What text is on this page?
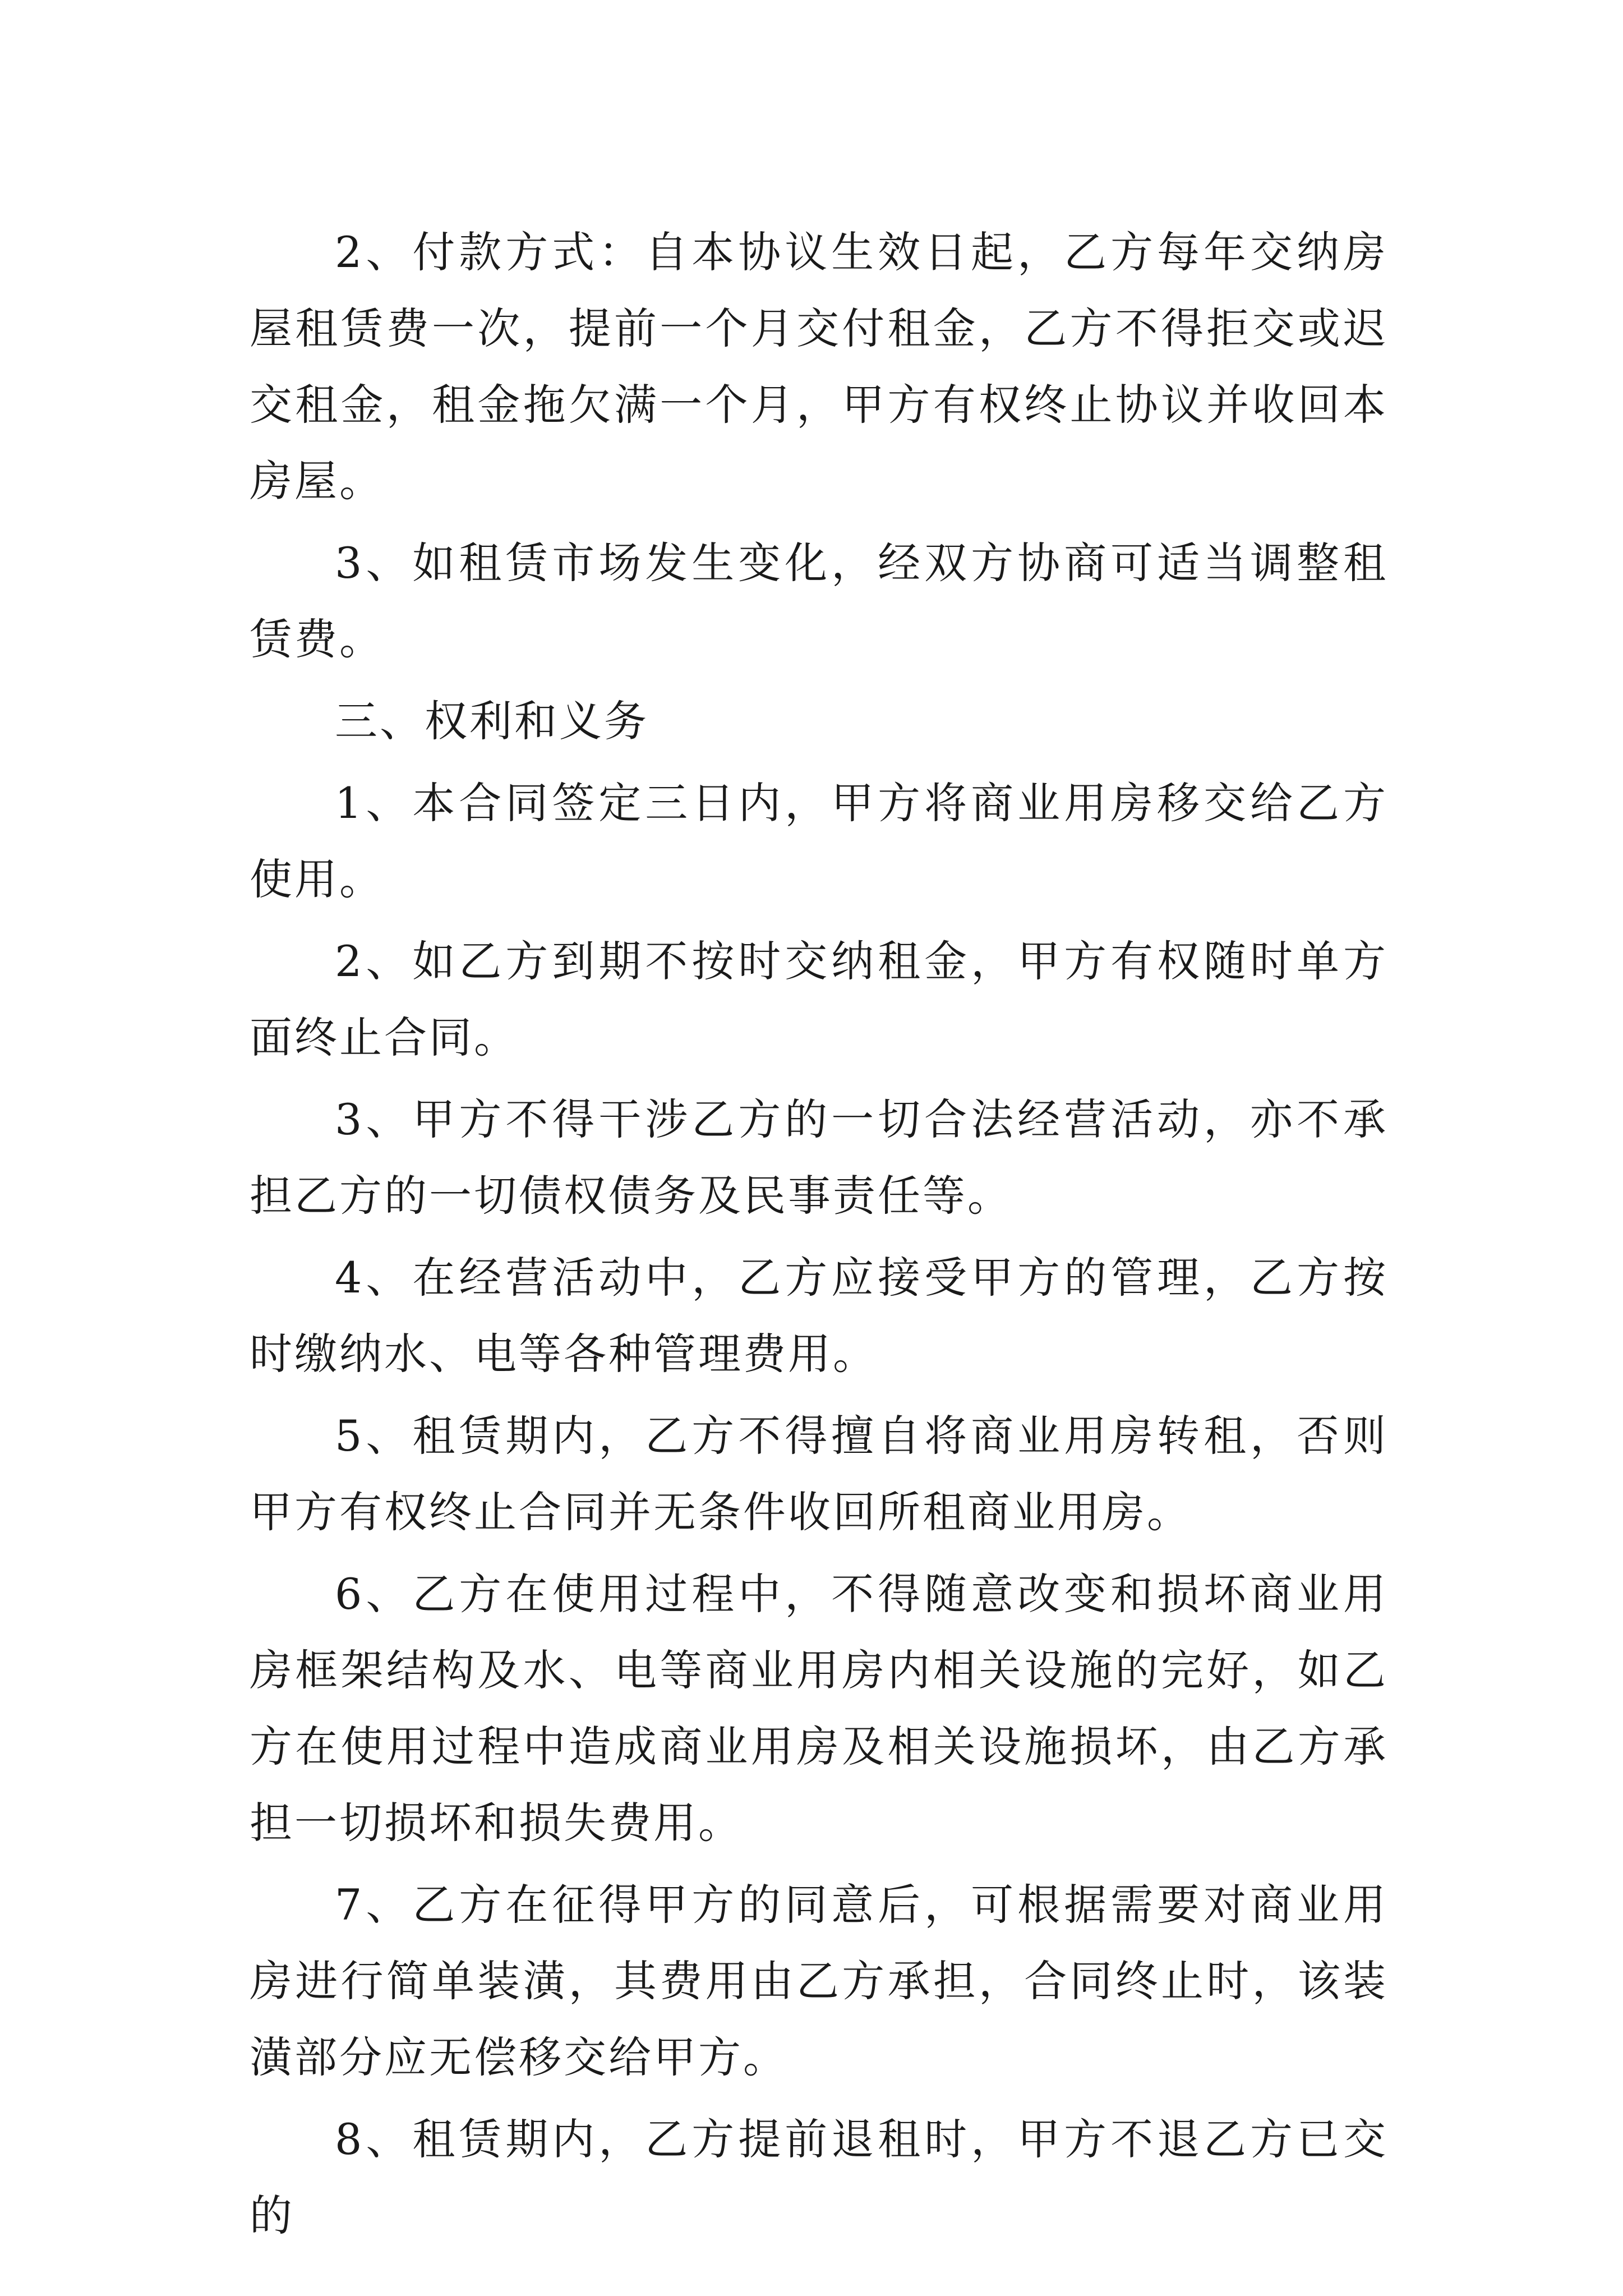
2、付款方式：自本协议生效日起，乙方每年交纳房屋租赁费一次，提前一个月交付租金，乙方不得拒交或迟交租金，租金拖欠满一个月，甲方有权终止协议并收回本房屋。

3、如租赁市场发生变化，经双方协商可适当调整租赁费。

三、权利和义务

1、本合同签定三日内，甲方将商业用房移交给乙方使用。

2、如乙方到期不按时交纳租金，甲方有权随时单方面终止合同。

3、甲方不得干涉乙方的一切合法经营活动，亦不承担乙方的一切债权债务及民事责任等。

4、在经营活动中，乙方应接受甲方的管理，乙方按时缴纳水、电等各种管理费用。

5、租赁期内，乙方不得擅自将商业用房转租，否则甲方有权终止合同并无条件收回所租商业用房。

6、乙方在使用过程中，不得随意改变和损坏商业用房框架结构及水、电等商业用房内相关设施的完好，如乙方在使用过程中造成商业用房及相关设施损坏，由乙方承担一切损坏和损失费用。

7、乙方在征得甲方的同意后，可根据需要对商业用房进行简单装潢，其费用由乙方承担，合同终止时，该装潢部分应无偿移交给甲方。

8、租赁期内，乙方提前退租时，甲方不退乙方已交的
